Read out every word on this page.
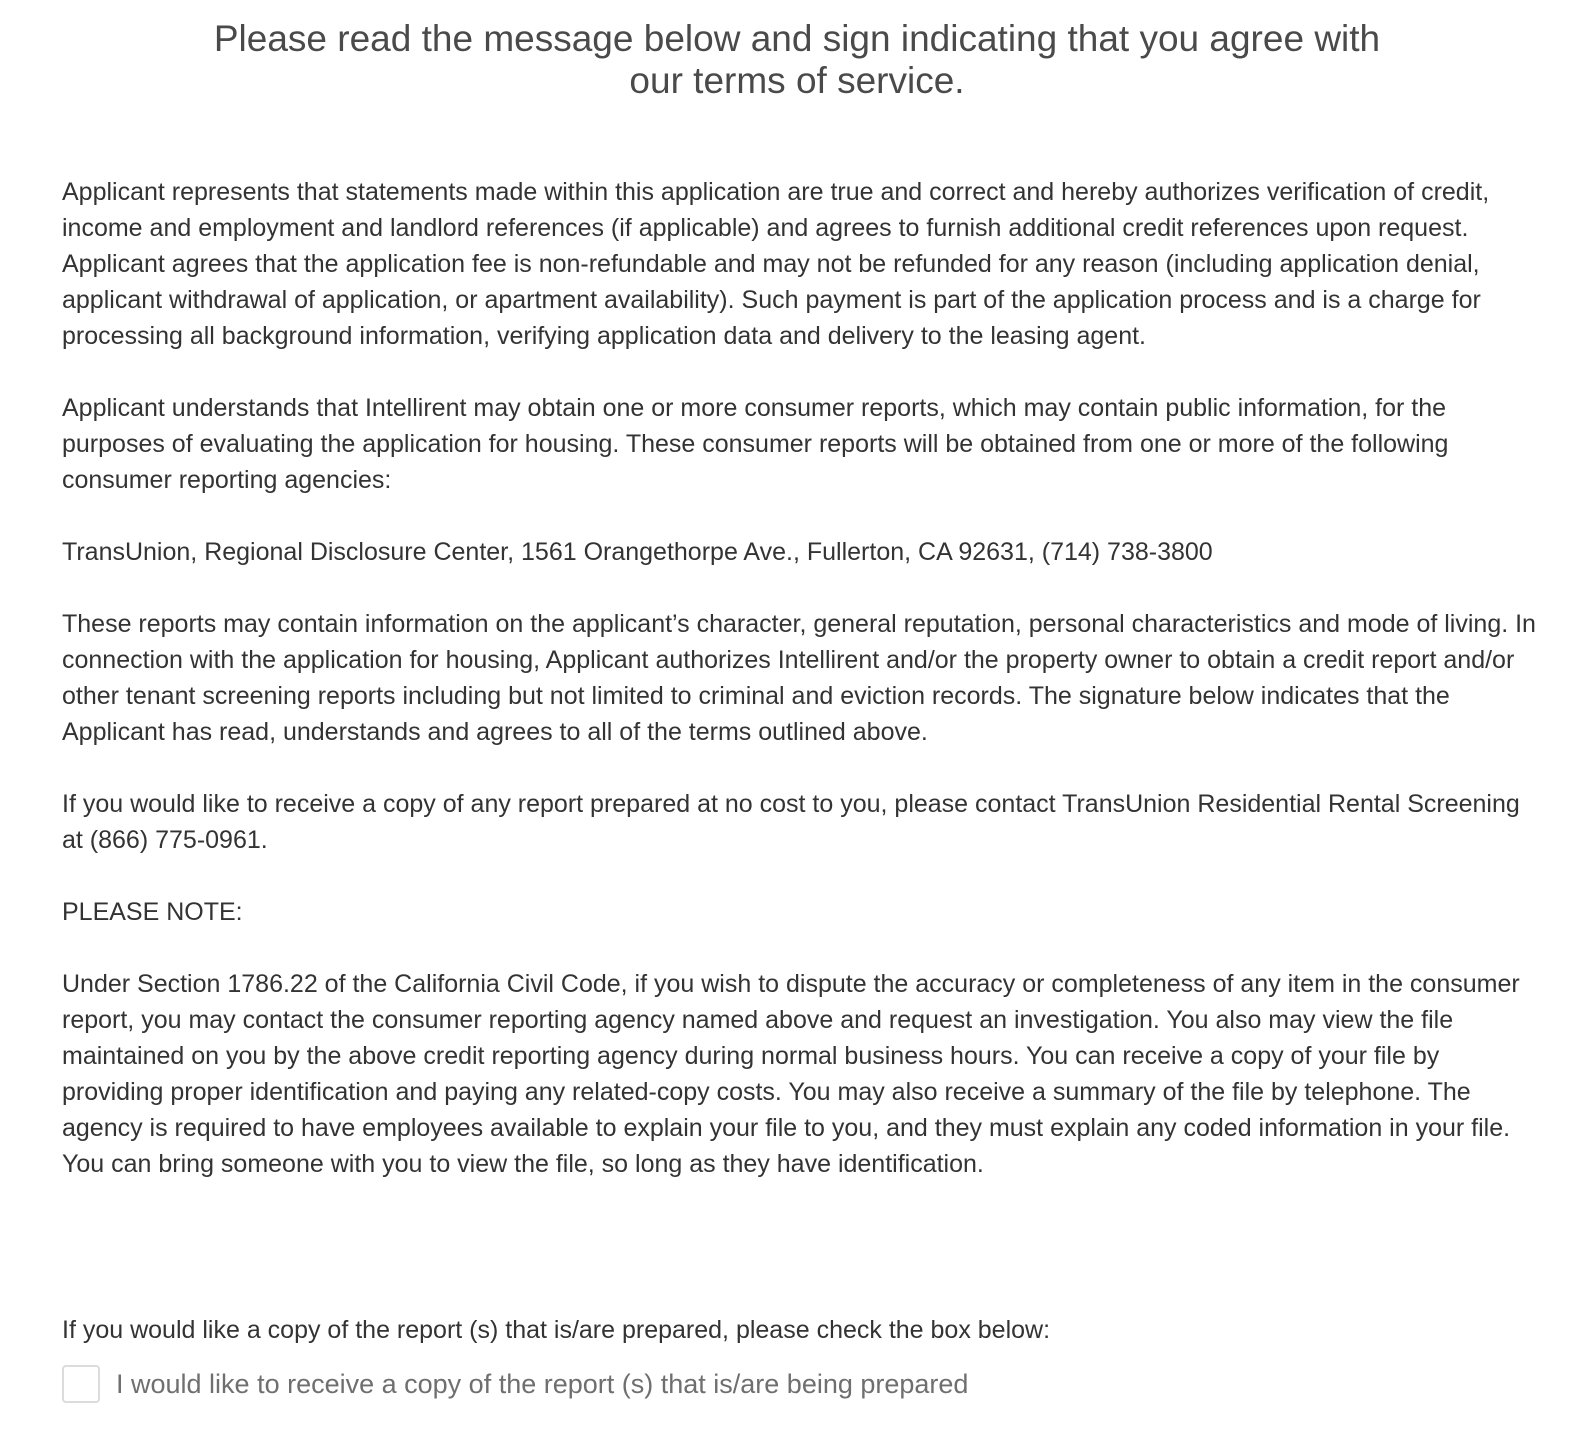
Please read the message below and sign indicating that you agree with
our terms of service.

Applicant represents that statements made within this application are true and correct and hereby authorizes verification of credit, income and employment and landlord references (if applicable) and agrees to furnish additional credit references upon request. Applicant agrees that the application fee is non-refundable and may not be refunded for any reason (including application denial, applicant withdrawal of application, or apartment availability). Such payment is part of the application process and is a charge for processing all background information, verifying application data and delivery to the leasing agent.

Applicant understands that Intellirent may obtain one or more consumer reports, which may contain public information, for the purposes of evaluating the application for housing. These consumer reports will be obtained from one or more of the following consumer reporting agencies:

TransUnion, Regional Disclosure Center, 1561 Orangethorpe Ave., Fullerton, CA 92631, (714) 738-3800

These reports may contain information on the applicant’s character, general reputation, personal characteristics and mode of living. In connection with the application for housing, Applicant authorizes Intellirent and/or the property owner to obtain a credit report and/or other tenant screening reports including but not limited to criminal and eviction records. The signature below indicates that the Applicant has read, understands and agrees to all of the terms outlined above.

If you would like to receive a copy of any report prepared at no cost to you, please contact TransUnion Residential Rental Screening at (866) 775-0961.

PLEASE NOTE:

Under Section 1786.22 of the California Civil Code, if you wish to dispute the accuracy or completeness of any item in the consumer report, you may contact the consumer reporting agency named above and request an investigation. You also may view the file maintained on you by the above credit reporting agency during normal business hours. You can receive a copy of your file by providing proper identification and paying any related-copy costs. You may also receive a summary of the file by telephone. The agency is required to have employees available to explain your file to you, and they must explain any coded information in your file. You can bring someone with you to view the file, so long as they have identification.

If you would like a copy of the report (s) that is/are prepared, please check the box below:

I would like to receive a copy of the report (s) that is/are being prepared
